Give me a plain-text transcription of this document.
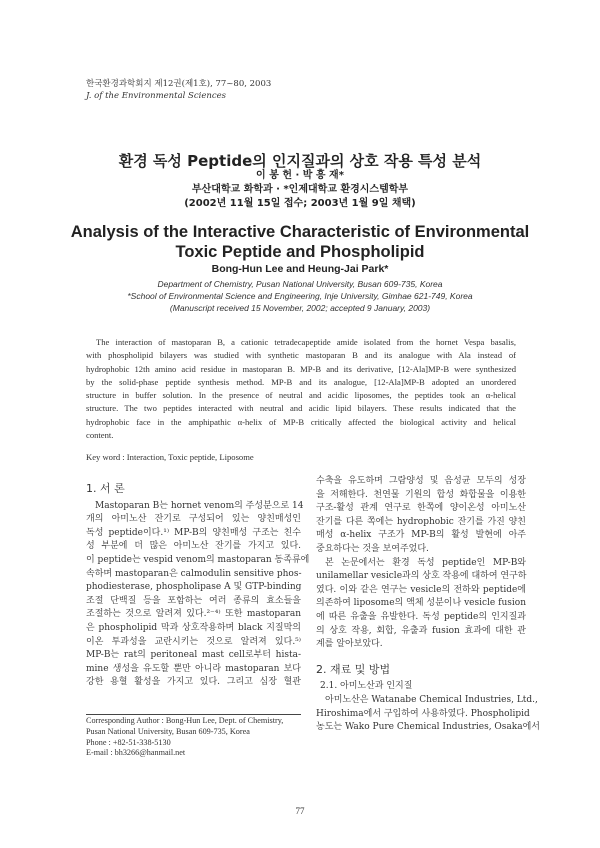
한국환경과학회지 제12권(제1호), 77~80, 2003
J. of the Environmental Sciences
환경 독성 Peptide의 인지질과의 상호 작용 특성 분석
이 봉 헌 · 박 흥 재*
부산대학교 화학과 · *인제대학교 환경시스템학부
(2002년 11월 15일 접수; 2003년 1월 9일 채택)
Analysis of the Interactive Characteristic of Environmental
Toxic Peptide and Phospholipid
Bong-Hun Lee and Heung-Jai Park*
Department of Chemistry, Pusan National University, Busan 609-735, Korea
*School of Environmental Science and Engineering, Inje University, Gimhae 621-749, Korea
(Manuscript received 15 November, 2002; accepted 9 January, 2003)
The interaction of mastoparan B, a cationic tetradecapeptide amide isolated from the hornet Vespa basalis,
with phospholipid bilayers was studied with synthetic mastoparan B and its analogue with Ala instead of
hydrophobic 12th amino acid residue in mastoparan B. MP-B and its derivative, [12-Ala]MP-B were synthesized
by the solid-phase peptide synthesis method. MP-B and its analogue, [12-Ala]MP-B adopted an unordered
structure in buffer solution. In the presence of neutral and acidic liposomes, the peptides took an α-helical
structure. The two peptides interacted with neutral and acidic lipid bilayers. These results indicated that the
hydrophobic face in the amphipathic α-helix of MP-B critically affected the biological activity and helical
content.
Key word : Interaction, Toxic peptide, Liposome
1. 서 론
Mastoparan B는 hornet venom의 주성분으로 14
개의 아미노산 잔기로 구성되어 있는 양친매성인
독성 peptide이다.¹⁾ MP-B의 양친매성 구조는 친수
성 부분에 더 많은 아미노산 잔기를 가지고 있다.
이 peptide는 vespid venom의 mastoparan 동족류에
속하며 mastoparan은 calmodulin sensitive phos-
phodiesterase, phospholipase A 및 GTP-binding
조절 단백질 등을 포함하는 여러 종류의 효소들을
조절하는 것으로 알려져 있다.²⁻⁴⁾ 또한 mastoparan
은 phospholipid 막과 상호작용하며 black 지질막의
이온 투과성을 교란시키는 것으로 알려져 있다.⁵⁾
MP-B는 rat의 peritoneal mast cell로부터 hista-
mine 생성을 유도할 뿐만 아니라 mastoparan 보다
강한 용혈 활성을 가지고 있다. 그리고 심장 혈관
Corresponding Author : Bong-Hun Lee, Dept. of Chemistry,
Pusan National University, Busan 609-735, Korea
Phone : +82-51-338-5130
E-mail : bh3266@hanmail.net
수축을 유도하며 그람양성 및 음성균 모두의 성장
을 저해한다. 천연물 기원의 합성 화합물을 이용한
구조-활성 관계 연구로 한쪽에 양이온성 아미노산
잔기를 다른 쪽에는 hydrophobic 잔기를 가진 양친
매성 α-helix 구조가 MP-B의 활성 발현에 아주
중요하다는 것을 보여주었다.
본 논문에서는 환경 독성 peptide인 MP-B와
unilamellar vesicle과의 상호 작용에 대하여 연구하
였다. 이와 같은 연구는 vesicle의 전하와 peptide에
의존하여 liposome의 액체 성분이나 vesicle fusion
에 따른 유출을 유발한다. 독성 peptide의 인지질과
의 상호 작용, 회합, 유출과 fusion 효과에 대한 관
계를 알아보았다.
2. 재료 및 방법
2.1. 아미노산과 인지질
아미노산은 Watanabe Chemical Industries, Ltd.,
Hiroshima에서 구입하여 사용하였다. Phospholipid
농도는 Wako Pure Chemical Industries, Osaka에서
77
